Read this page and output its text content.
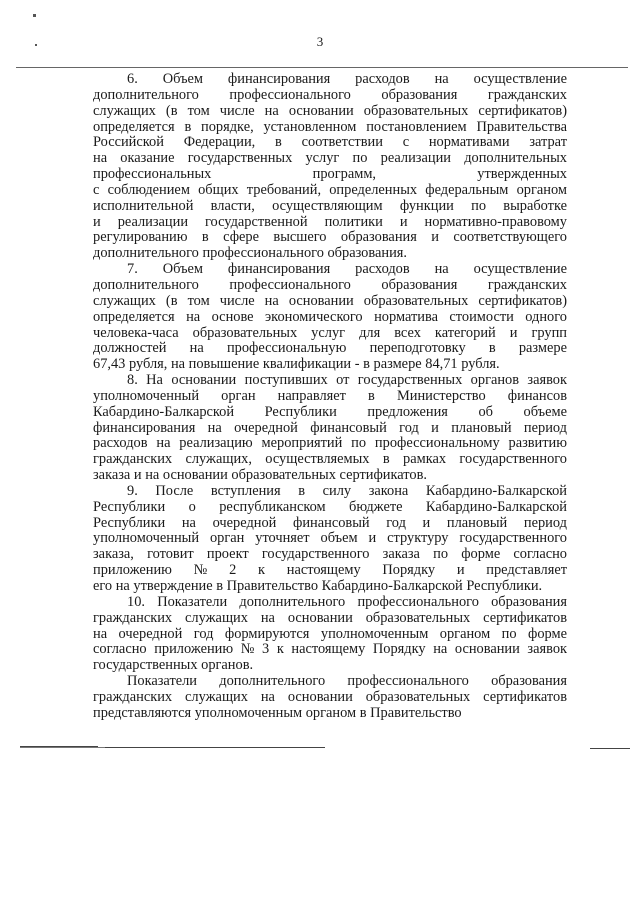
3
6. Объем финансирования расходов на осуществление
дополнительного профессионального образования гражданских
служащих (в том числе на основании образовательных сертификатов)
определяется в порядке, установленном постановлением Правительства
Российской Федерации, в соответствии с нормативами затрат
на оказание государственных услуг по реализации дополнительных
профессиональных программ, утвержденных
с соблюдением общих требований, определенных федеральным органом
исполнительной власти, осуществляющим функции по выработке
и реализации государственной политики и нормативно-правовому
регулированию в сфере высшего образования и соответствующего
дополнительного профессионального образования.
7. Объем финансирования расходов на осуществление
дополнительного профессионального образования гражданских
служащих (в том числе на основании образовательных сертификатов)
определяется на основе экономического норматива стоимости одного
человека-часа образовательных услуг для всех категорий и групп
должностей на профессиональную переподготовку в размере
67,43 рубля, на повышение квалификации - в размере 84,71 рубля.
8. На основании поступивших от государственных органов заявок
уполномоченный орган направляет в Министерство финансов
Кабардино-Балкарской Республики предложения об объеме
финансирования на очередной финансовый год и плановый период
расходов на реализацию мероприятий по профессиональному развитию
гражданских служащих, осуществляемых в рамках государственного
заказа и на основании образовательных сертификатов.
9. После вступления в силу закона Кабардино-Балкарской
Республики о республиканском бюджете Кабардино-Балкарской
Республики на очередной финансовый год и плановый период
уполномоченный орган уточняет объем и структуру государственного
заказа, готовит проект государственного заказа по форме согласно
приложению № 2 к настоящему Порядку и представляет
его на утверждение в Правительство Кабардино-Балкарской Республики.
10. Показатели дополнительного профессионального образования
гражданских служащих на основании образовательных сертификатов
на очередной год формируются уполномоченным органом по форме
согласно приложению № 3 к настоящему Порядку на основании заявок
государственных органов.
Показатели дополнительного профессионального образования
гражданских служащих на основании образовательных сертификатов
представляются уполномоченным органом в Правительство
